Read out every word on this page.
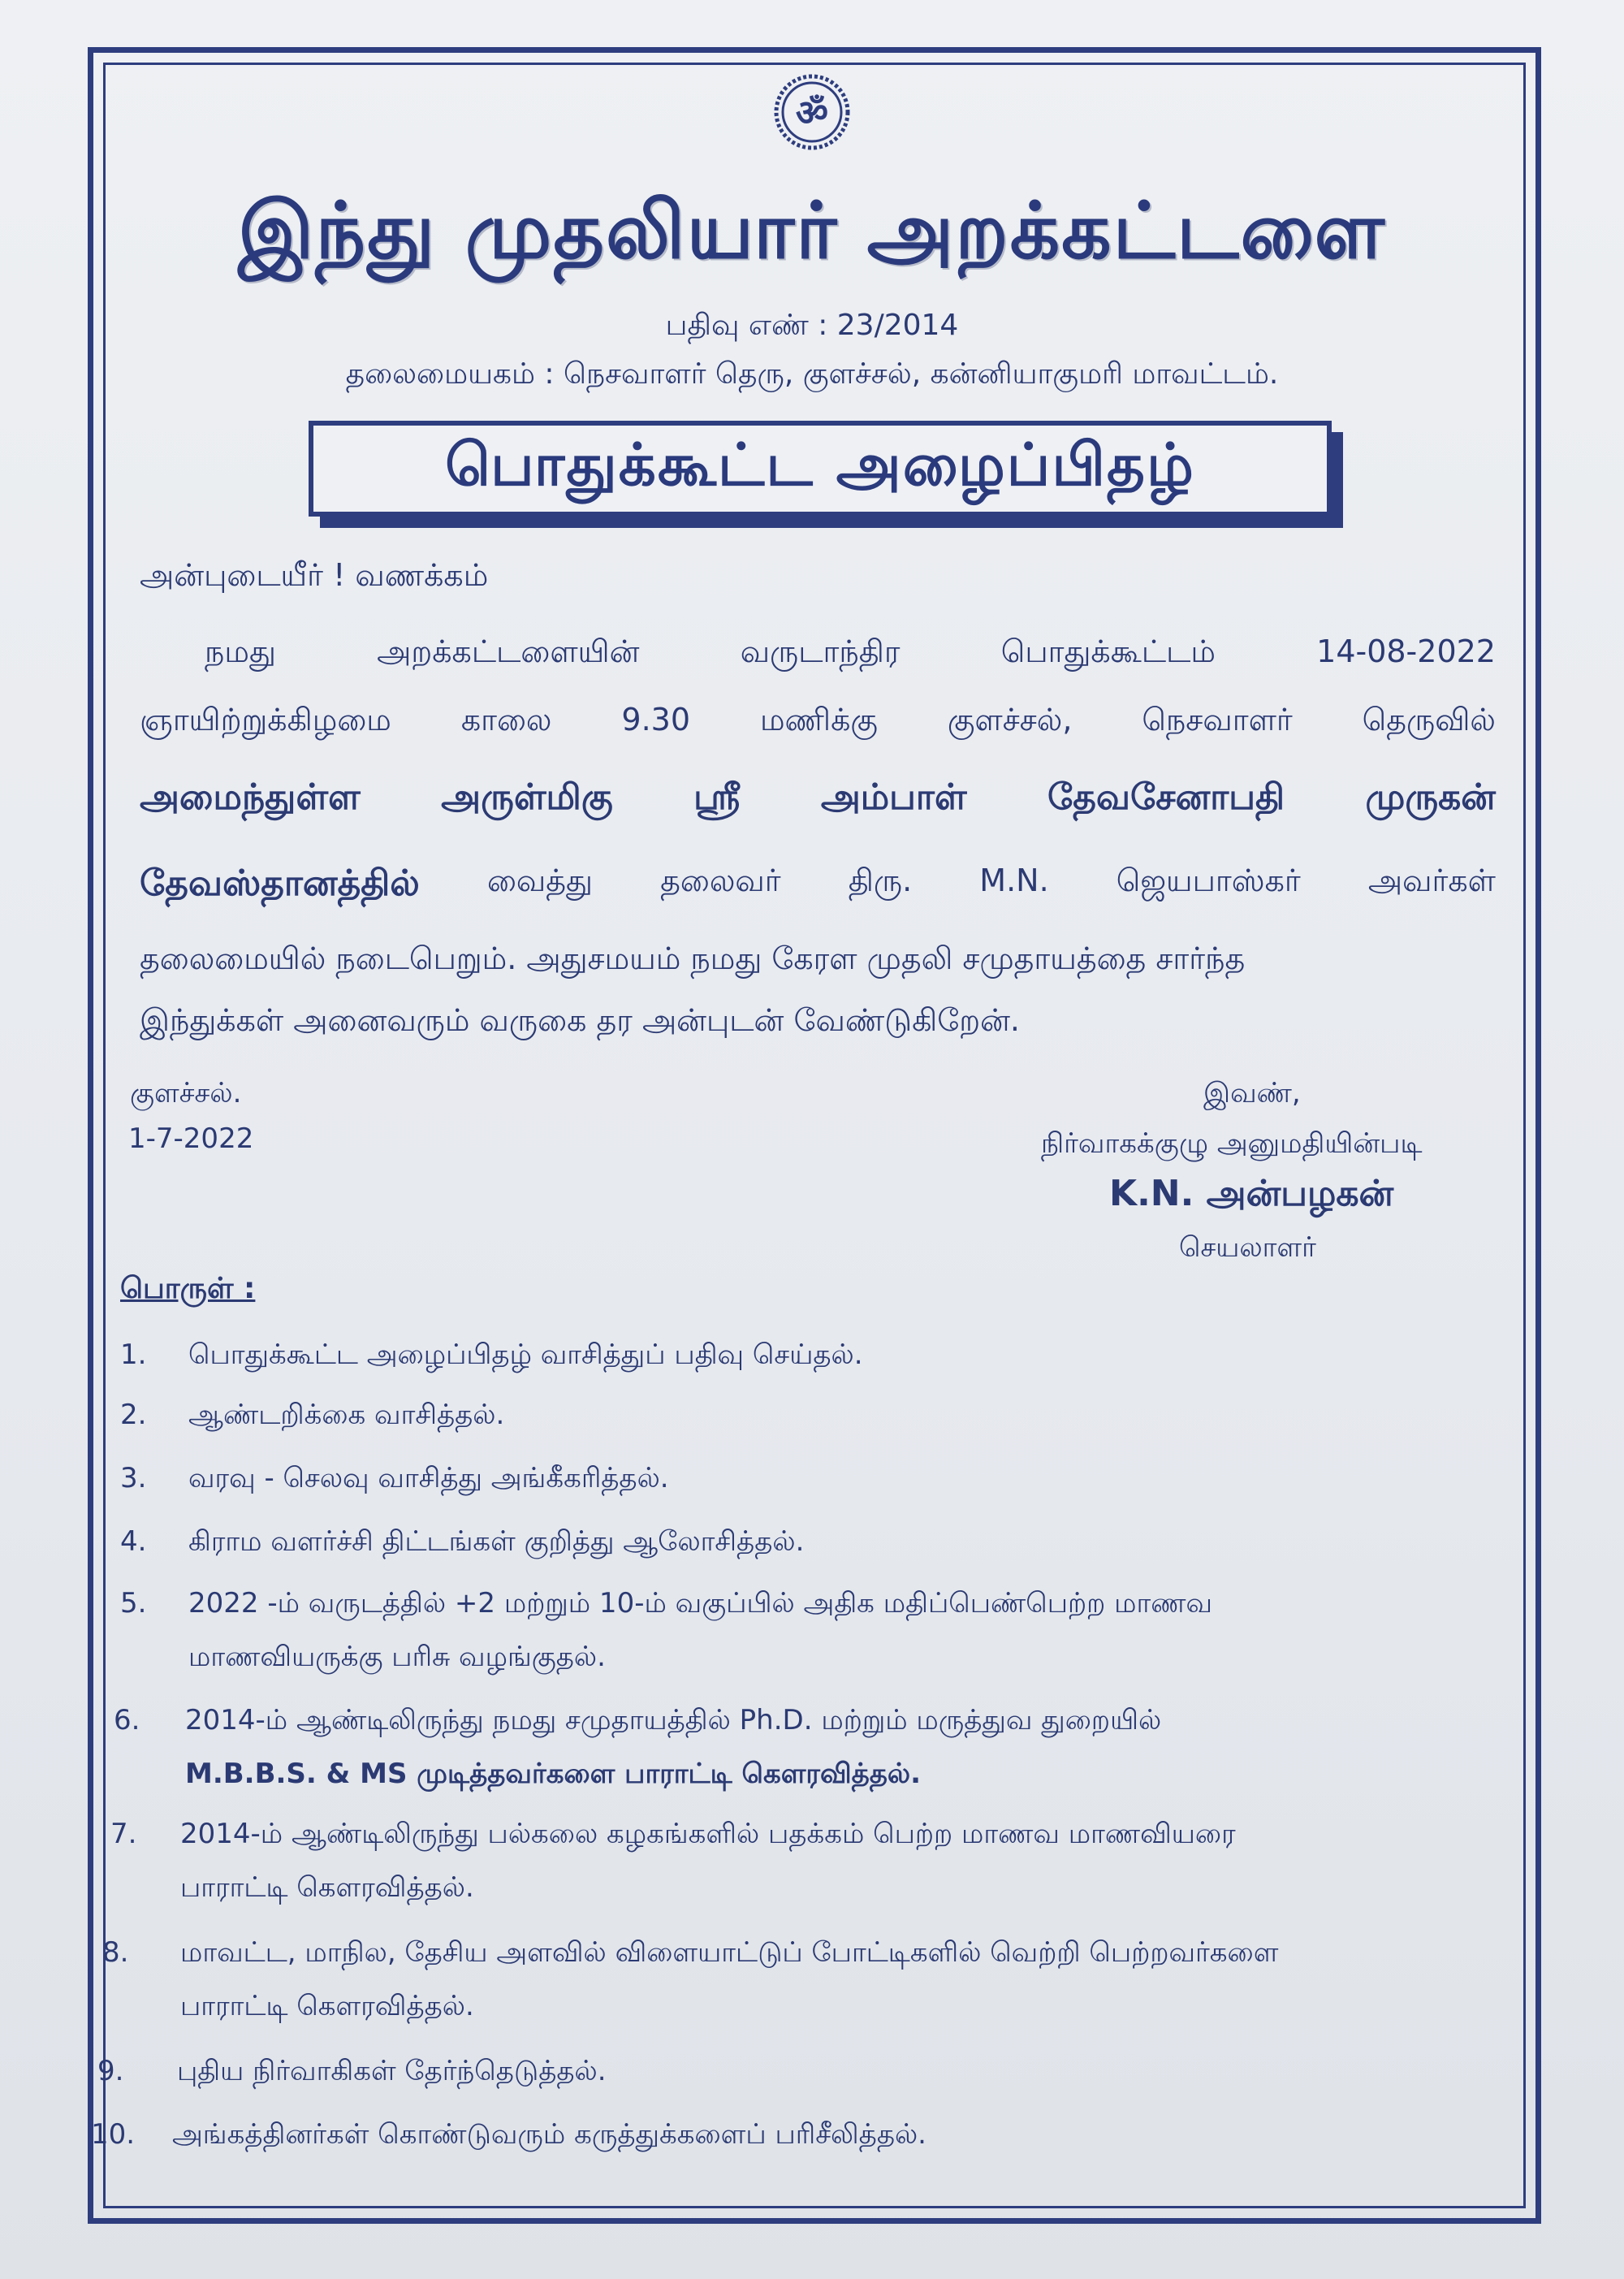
ॐ
இந்து முதலியார் அறக்கட்டளை
பதிவு எண் : 23/2014
தலைமையகம் : நெசவாளர் தெரு, குளச்சல், கன்னியாகுமரி மாவட்டம்.
பொதுக்கூட்ட அழைப்பிதழ்
அன்புடையீர் ! வணக்கம்
நமது	அறக்கட்டளையின்	வருடாந்திர	பொதுக்கூட்டம்	14-08-2022
ஞாயிற்றுக்கிழமை காலை 9.30 மணிக்கு குளச்சல், நெசவாளர் தெருவில்
அமைந்துள்ள அருள்மிகு ஸ்ரீ அம்பாள் தேவசேனாபதி முருகன்
தேவஸ்தானத்தில் வைத்து தலைவர் திரு. M.N. ஜெயபாஸ்கர் அவர்கள்
தலைமையில் நடைபெறும். அதுசமயம் நமது கேரள முதலி சமுதாயத்தை சார்ந்த
இந்துக்கள் அனைவரும் வருகை தர அன்புடன் வேண்டுகிறேன்.
குளச்சல்.
1-7-2022
இவண்,
நிர்வாகக்குழு அனுமதியின்படி
K.N. அன்பழகன்
செயலாளர்
பொருள் :
1. பொதுக்கூட்ட அழைப்பிதழ் வாசித்துப் பதிவு செய்தல்.
2. ஆண்டறிக்கை வாசித்தல்.
3. வரவு - செலவு வாசித்து அங்கீகரித்தல்.
4. கிராம வளர்ச்சி திட்டங்கள் குறித்து ஆலோசித்தல்.
5. 2022 -ம் வருடத்தில் +2 மற்றும் 10-ம் வகுப்பில் அதிக மதிப்பெண்பெற்ற மாணவ
மாணவியருக்கு பரிசு வழங்குதல்.
6. 2014-ம் ஆண்டிலிருந்து நமது சமுதாயத்தில் Ph.D. மற்றும் மருத்துவ துறையில்
M.B.B.S. & MS முடித்தவர்களை பாராட்டி கௌரவித்தல்.
7. 2014-ம் ஆண்டிலிருந்து பல்கலை கழகங்களில் பதக்கம் பெற்ற மாணவ மாணவியரை
பாராட்டி கௌரவித்தல்.
8. மாவட்ட, மாநில, தேசிய அளவில் விளையாட்டுப் போட்டிகளில் வெற்றி பெற்றவர்களை
பாராட்டி கௌரவித்தல்.
9. புதிய நிர்வாகிகள் தேர்ந்தெடுத்தல்.
10. அங்கத்தினர்கள் கொண்டுவரும் கருத்துக்களைப் பரிசீலித்தல்.
